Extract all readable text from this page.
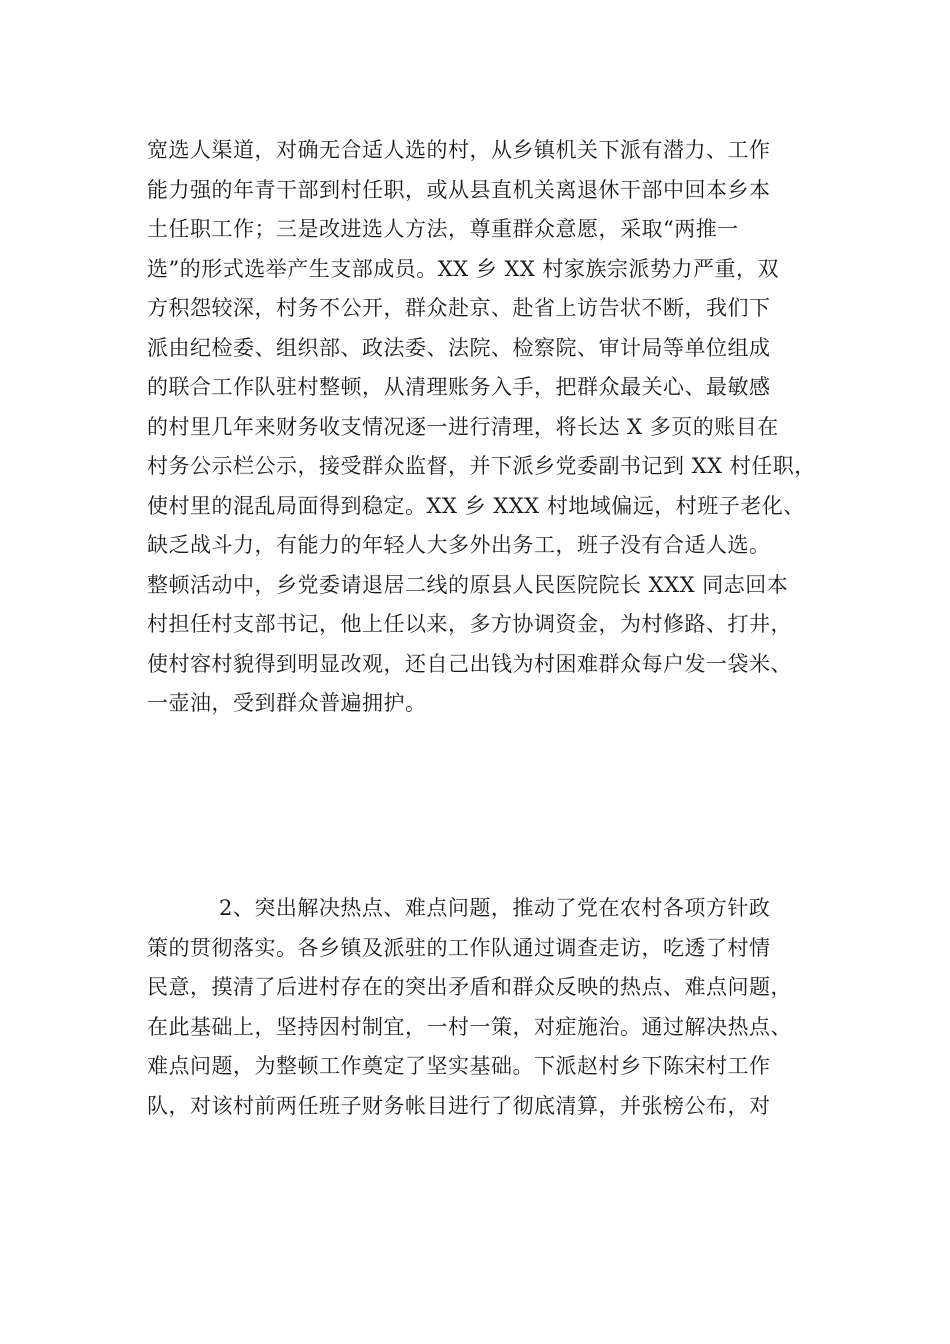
宽选人渠道，对确无合适人选的村，从乡镇机关下派有潜力、工作
能力强的年青干部到村任职，或从县直机关离退休干部中回本乡本
土任职工作；三是改进选人方法，尊重群众意愿，采取“两推一
选”的形式选举产生支部成员。XX 乡 XX 村家族宗派势力严重，双
方积怨较深，村务不公开，群众赴京、赴省上访告状不断，我们下
派由纪检委、组织部、政法委、法院、检察院、审计局等单位组成
的联合工作队驻村整顿，从清理账务入手，把群众最关心、最敏感
的村里几年来财务收支情况逐一进行清理，将长达 X 多页的账目在
村务公示栏公示，接受群众监督，并下派乡党委副书记到 XX 村任职，
使村里的混乱局面得到稳定。XX 乡 XXX 村地域偏远，村班子老化、
缺乏战斗力，有能力的年轻人大多外出务工，班子没有合适人选。
整顿活动中，乡党委请退居二线的原县人民医院院长 XXX 同志回本
村担任村支部书记，他上任以来，多方协调资金，为村修路、打井，
使村容村貌得到明显改观，还自己出钱为村困难群众每户发一袋米、
一壶油，受到群众普遍拥护。
2、突出解决热点、难点问题，推动了党在农村各项方针政
策的贯彻落实。各乡镇及派驻的工作队通过调查走访，吃透了村情
民意，摸清了后进村存在的突出矛盾和群众反映的热点、难点问题，
在此基础上，坚持因村制宜，一村一策，对症施治。通过解决热点、
难点问题，为整顿工作奠定了坚实基础。下派赵村乡下陈宋村工作
队，对该村前两任班子财务帐目进行了彻底清算，并张榜公布，对
